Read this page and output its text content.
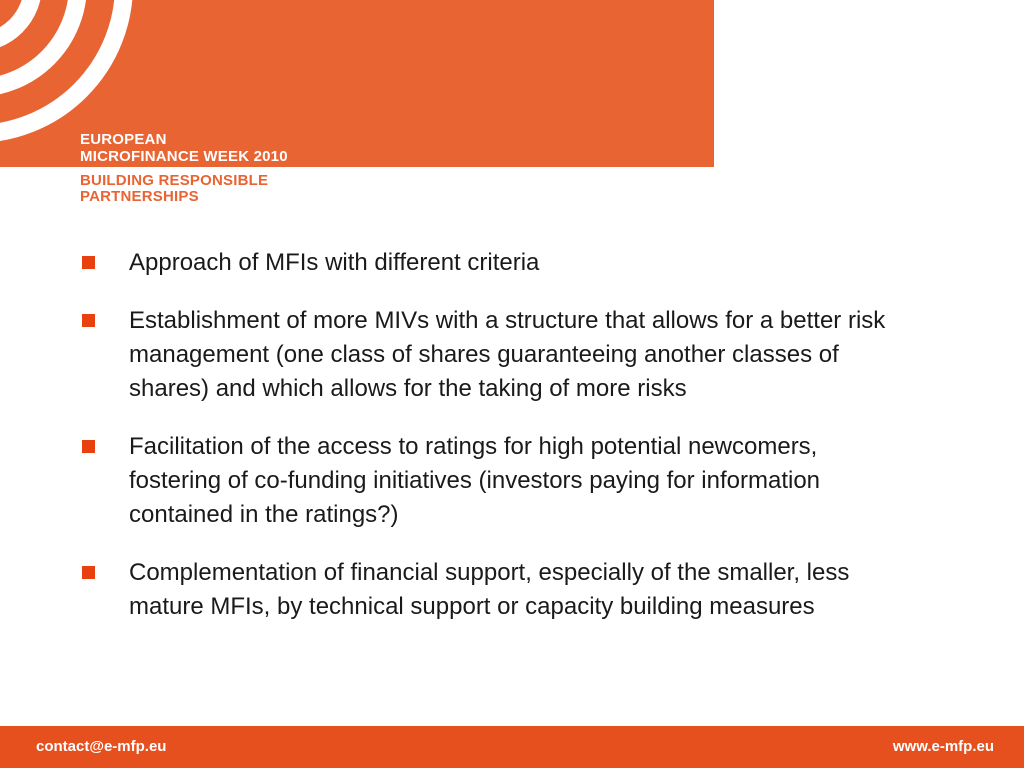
EUROPEAN
MICROFINANCE WEEK 2010
BUILDING RESPONSIBLE
PARTNERSHIPS
Approach of MFIs with different criteria
Establishment of more MIVs with a structure that allows for a better risk management (one class of shares guaranteeing another classes of shares) and which allows for the taking of more risks
Facilitation of the access to ratings for high potential newcomers, fostering of co-funding initiatives (investors paying for information contained in the ratings?)
Complementation of financial support, especially of the smaller, less mature MFIs, by technical support or capacity building measures
contact@e-mfp.eu	www.e-mfp.eu
